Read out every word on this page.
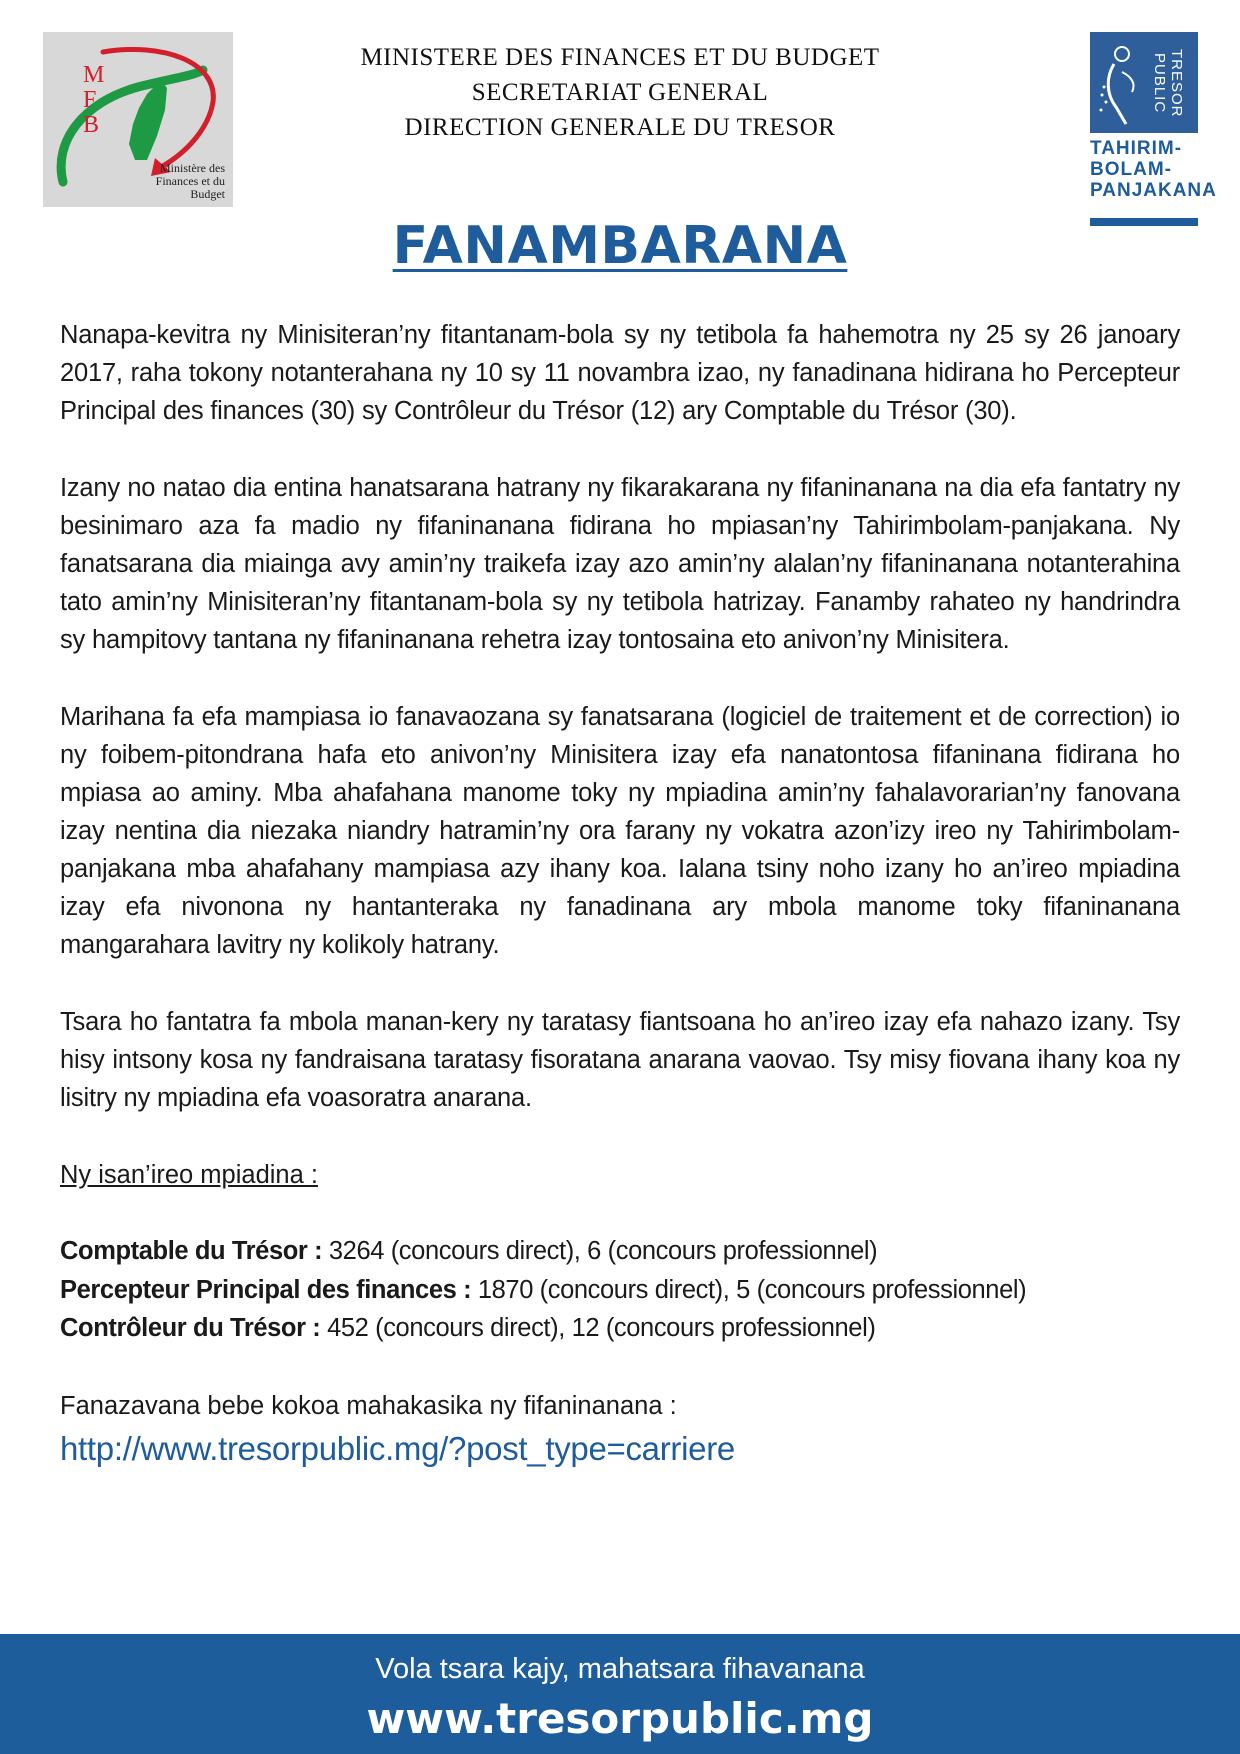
M
F
B
Ministère des
Finances et du
Budget
MINISTERE DES FINANCES ET DU BUDGET
SECRETARIAT GENERAL
DIRECTION GENERALE DU TRESOR
TRESOR PUBLIC
TAHIRIM-
BOLAM-
PANJAKANA
FANAMBARANA

Nanapa-kevitra ny Minisiteran’ny fitantanam-bola sy ny tetibola fa hahemotra ny 25 sy 26 janoary 2017, raha tokony notanterahana ny 10 sy 11 novambra izao, ny fanadinana hidirana ho Percepteur Principal des finances (30) sy Contrôleur du Trésor (12) ary Comptable du Trésor (30).

Izany no natao dia entina hanatsarana hatrany ny fikarakarana ny fifaninanana na dia efa fantatry ny besinimaro aza fa madio ny fifaninanana fidirana ho mpiasan’ny Tahirimbolam-panjakana. Ny fanatsarana dia miainga avy amin’ny traikefa izay azo amin’ny alalan’ny fifaninanana notanterahina tato amin’ny Minisiteran’ny fitantanam-bola sy ny tetibola hatrizay. Fanamby rahateo ny handrindra sy hampitovy tantana ny fifaninanana rehetra izay tontosaina eto anivon’ny Minisitera.

Marihana fa efa mampiasa io fanavaozana sy fanatsarana (logiciel de traitement et de correction) io ny foibem-pitondrana hafa eto anivon’ny Minisitera izay efa nanatontosa fifaninana fidirana ho mpiasa ao aminy. Mba ahafahana manome toky ny mpiadina amin’ny fahalavorarian’ny fanovana izay nentina dia niezaka niandry hatramin’ny ora farany ny vokatra azon’izy ireo ny Tahirimbolam-panjakana mba ahafahany mampiasa azy ihany koa. Ialana tsiny noho izany ho an’ireo mpiadina izay efa nivonona ny hantanteraka ny fanadinana ary mbola manome toky fifaninanana mangarahara lavitry ny kolikoly hatrany.

Tsara ho fantatra fa mbola manan-kery ny taratasy fiantsoana ho an’ireo izay efa nahazo izany. Tsy hisy intsony kosa ny fandraisana taratasy fisoratana anarana vaovao. Tsy misy fiovana ihany koa ny lisitry ny mpiadina efa voasoratra anarana.

Ny isan’ireo mpiadina :
Comptable du Trésor : 3264 (concours direct), 6 (concours professionnel)
Percepteur Principal des finances : 1870 (concours direct), 5 (concours professionnel)
Contrôleur du Trésor : 452 (concours direct), 12 (concours professionnel)

Fanazavana bebe kokoa mahakasika ny fifaninanana :

http://www.tresorpublic.mg/?post_type=carriere
Vola tsara kajy, mahatsara fihavanana
www.tresorpublic.mg
